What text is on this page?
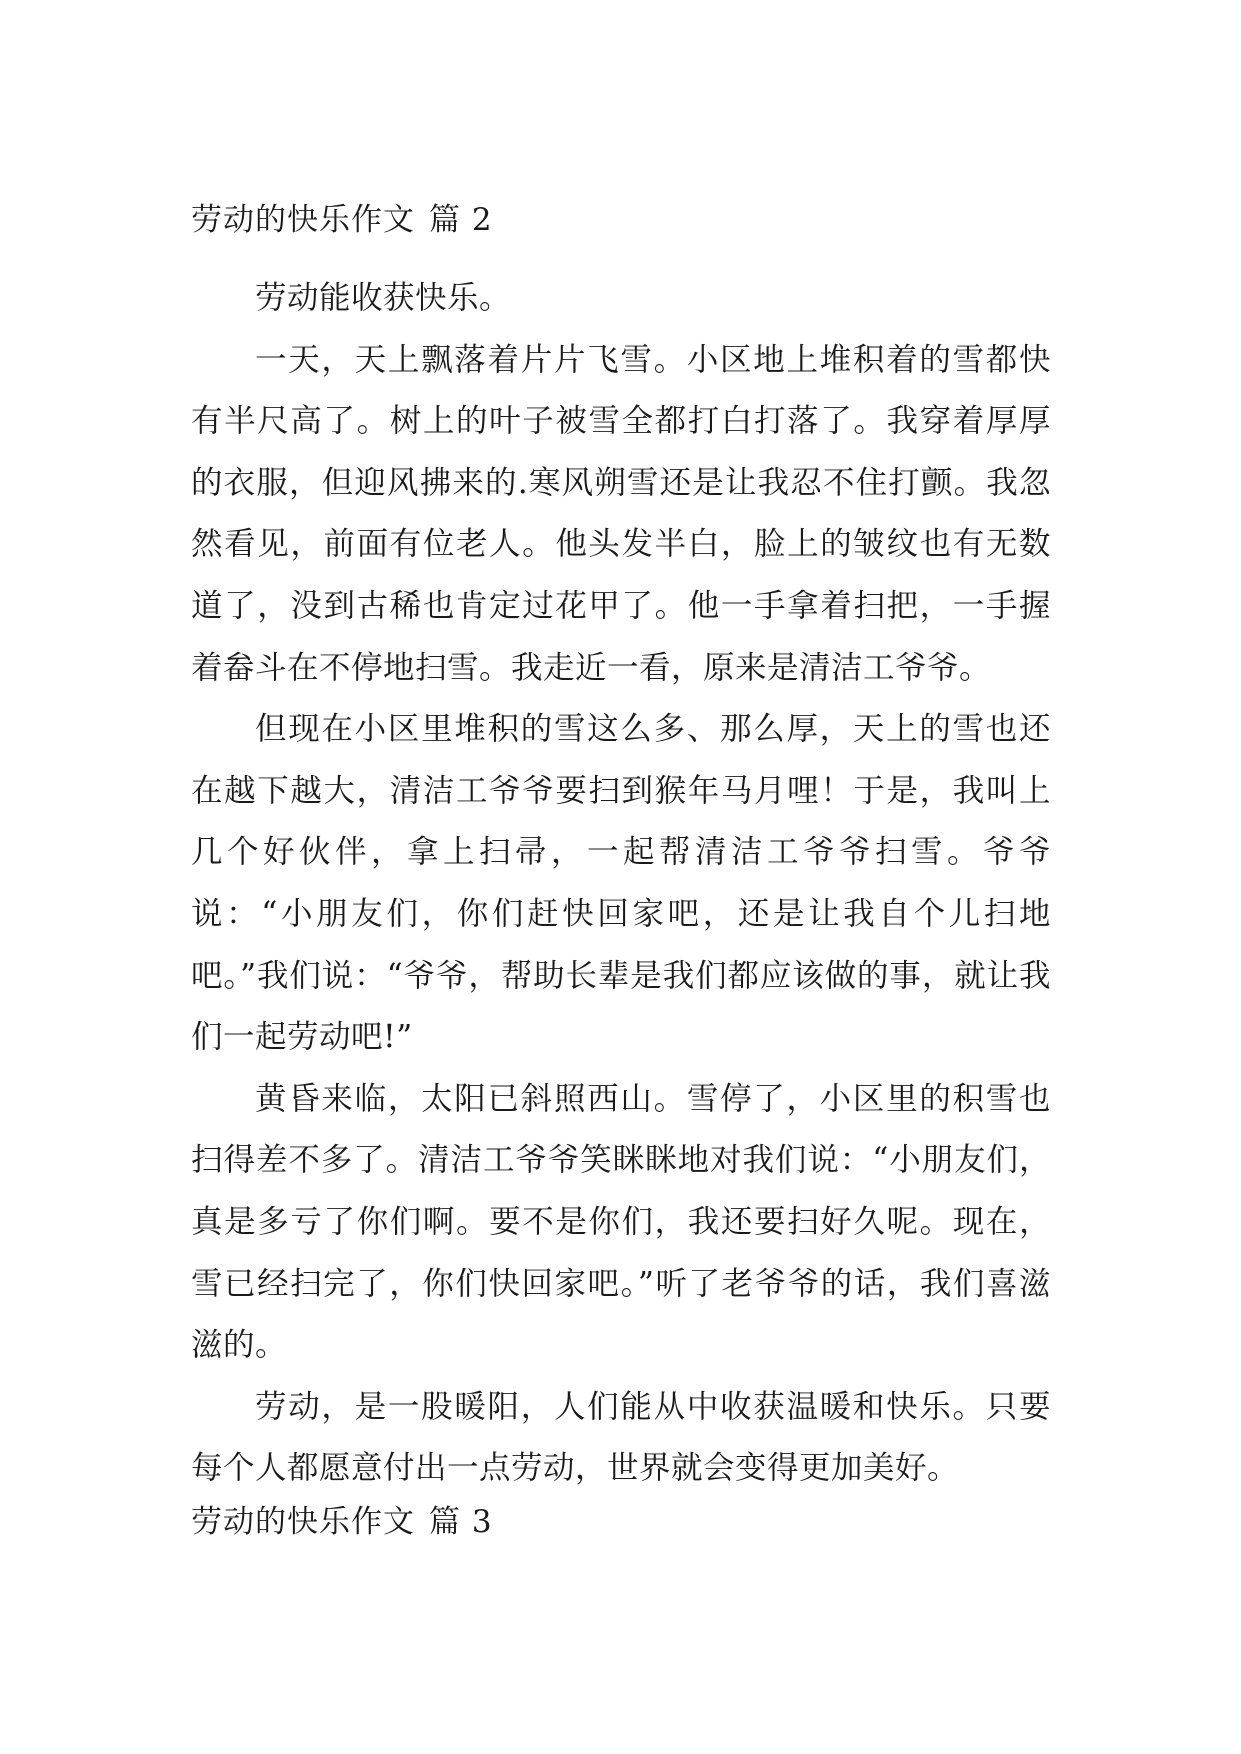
劳动的快乐作文 篇 2

劳动能收获快乐。

一天，天上飘落着片片飞雪。小区地上堆积着的雪都快有半尺高了。树上的叶子被雪全都打白打落了。我穿着厚厚的衣服，但迎风拂来的.寒风朔雪还是让我忍不住打颤。我忽然看见，前面有位老人。他头发半白，脸上的皱纹也有无数道了，没到古稀也肯定过花甲了。他一手拿着扫把，一手握着畚斗在不停地扫雪。我走近一看，原来是清洁工爷爷。

但现在小区里堆积的雪这么多、那么厚，天上的雪也还在越下越大，清洁工爷爷要扫到猴年马月哩！于是，我叫上几个好伙伴，拿上扫帚，一起帮清洁工爷爷扫雪。爷爷说：“小朋友们，你们赶快回家吧，还是让我自个儿扫地吧。”我们说：“爷爷，帮助长辈是我们都应该做的事，就让我们一起劳动吧!”

黄昏来临，太阳已斜照西山。雪停了，小区里的积雪也扫得差不多了。清洁工爷爷笑眯眯地对我们说：“小朋友们，真是多亏了你们啊。要不是你们，我还要扫好久呢。现在，雪已经扫完了，你们快回家吧。”听了老爷爷的话，我们喜滋滋的。

劳动，是一股暖阳，人们能从中收获温暖和快乐。只要每个人都愿意付出一点劳动，世界就会变得更加美好。

劳动的快乐作文 篇 3
